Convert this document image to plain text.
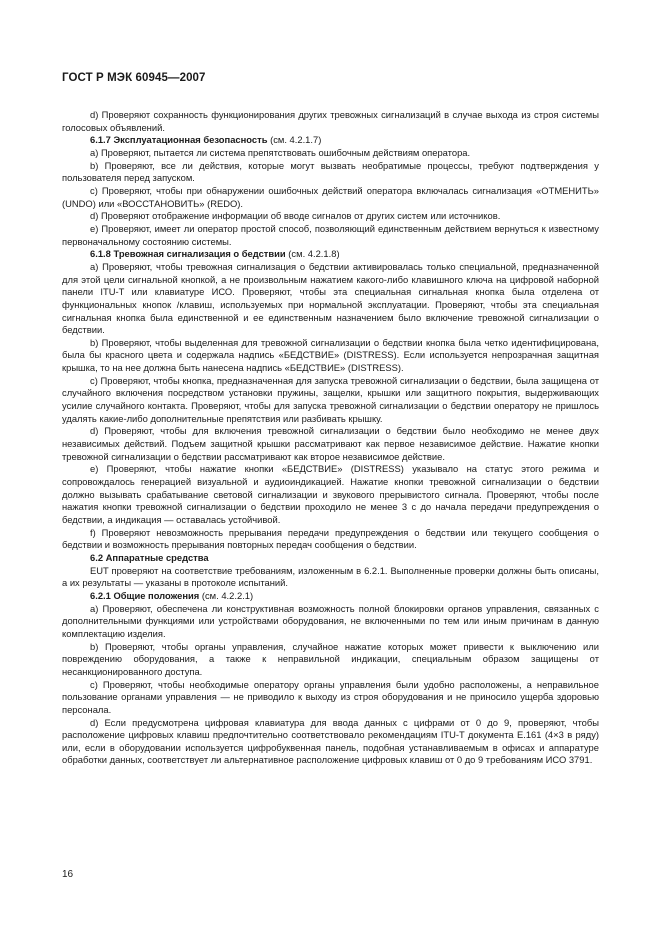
ГОСТ Р МЭК 60945—2007

d) Проверяют сохранность функционирования других тревожных сигнализаций в случае выхода из строя системы голосовых объявлений.

6.1.7 Эксплуатационная безопасность (см. 4.2.1.7)

a) Проверяют, пытается ли система препятствовать ошибочным действиям оператора.

b) Проверяют, все ли действия, которые могут вызвать необратимые процессы, требуют подтверждения у пользователя перед запуском.

c) Проверяют, чтобы при обнаружении ошибочных действий оператора включалась сигнализация «ОТМЕНИТЬ» (UNDO) или «ВОССТАНОВИТЬ» (REDO).

d) Проверяют отображение информации об вводе сигналов от других систем или источников.

e) Проверяют, имеет ли оператор простой способ, позволяющий единственным действием вернуться к известному первоначальному состоянию системы.

6.1.8 Тревожная сигнализация о бедствии (см. 4.2.1.8)

a) Проверяют, чтобы тревожная сигнализация о бедствии активировалась только специальной, предназначенной для этой цели сигнальной кнопкой, а не произвольным нажатием какого-либо клавишного ключа на цифровой наборной панели ITU-T или клавиатуре ИСО. Проверяют, чтобы эта специальная сигнальная кнопка была отделена от функциональных кнопок /клавиш, используемых при нормальной эксплуатации. Проверяют, чтобы эта специальная сигнальная кнопка была единственной и ее единственным назначением было включение тревожной сигнализации о бедствии.

b) Проверяют, чтобы выделенная для тревожной сигнализации о бедствии кнопка была четко идентифицирована, была бы красного цвета и содержала надпись «БЕДСТВИЕ» (DISTRESS). Если используется непрозрачная защитная крышка, то на нее должна быть нанесена надпись «БЕДСТВИЕ» (DISTRESS).

c) Проверяют, чтобы кнопка, предназначенная для запуска тревожной сигнализации о бедствии, была защищена от случайного включения посредством установки пружины, защелки, крышки или защитного покрытия, выдерживающих усилие случайного контакта. Проверяют, чтобы для запуска тревожной сигнализации о бедствии оператору не пришлось удалять какие-либо дополнительные препятствия или разбивать крышку.

d) Проверяют, чтобы для включения тревожной сигнализации о бедствии было необходимо не менее двух независимых действий. Подъем защитной крышки рассматривают как первое независимое действие. Нажатие кнопки тревожной сигнализации о бедствии рассматривают как второе независимое действие.

e) Проверяют, чтобы нажатие кнопки «БЕДСТВИЕ» (DISTRESS) указывало на статус этого режима и сопровождалось генерацией визуальной и аудиоиндикацией. Нажатие кнопки тревожной сигнализации о бедствии должно вызывать срабатывание световой сигнализации и звукового прерывистого сигнала. Проверяют, чтобы после нажатия кнопки тревожной сигнализации о бедствии проходило не менее 3 с до начала передачи предупреждения о бедствии, а индикация — оставалась устойчивой.

f) Проверяют невозможность прерывания передачи предупреждения о бедствии или текущего сообщения о бедствии и возможность прерывания повторных передач сообщения о бедствии.

6.2 Аппаратные средства

EUT проверяют на соответствие требованиям, изложенным в 6.2.1. Выполненные проверки должны быть описаны, а их результаты — указаны в протоколе испытаний.

6.2.1 Общие положения (см. 4.2.2.1)

a) Проверяют, обеспечена ли конструктивная возможность полной блокировки органов управления, связанных с дополнительными функциями или устройствами оборудования, не включенными по тем или иным причинам в данную комплектацию изделия.

b) Проверяют, чтобы органы управления, случайное нажатие которых может привести к выключению или повреждению оборудования, а также к неправильной индикации, специальным образом защищены от несанкционированного доступа.

c) Проверяют, чтобы необходимые оператору органы управления были удобно расположены, а неправильное пользование органами управления — не приводило к выходу из строя оборудования и не приносило ущерба здоровью персонала.

d) Если предусмотрена цифровая клавиатура для ввода данных с цифрами от 0 до 9, проверяют, чтобы расположение цифровых клавиш предпочтительно соответствовало рекомендациям ITU-T документа E.161 (4×3 в ряду) или, если в оборудовании используется цифробуквенная панель, подобная устанавливаемым в офисах и аппаратуре обработки данных, соответствует ли альтернативное расположение цифровых клавиш от 0 до 9 требованиям ИСО 3791.

16
